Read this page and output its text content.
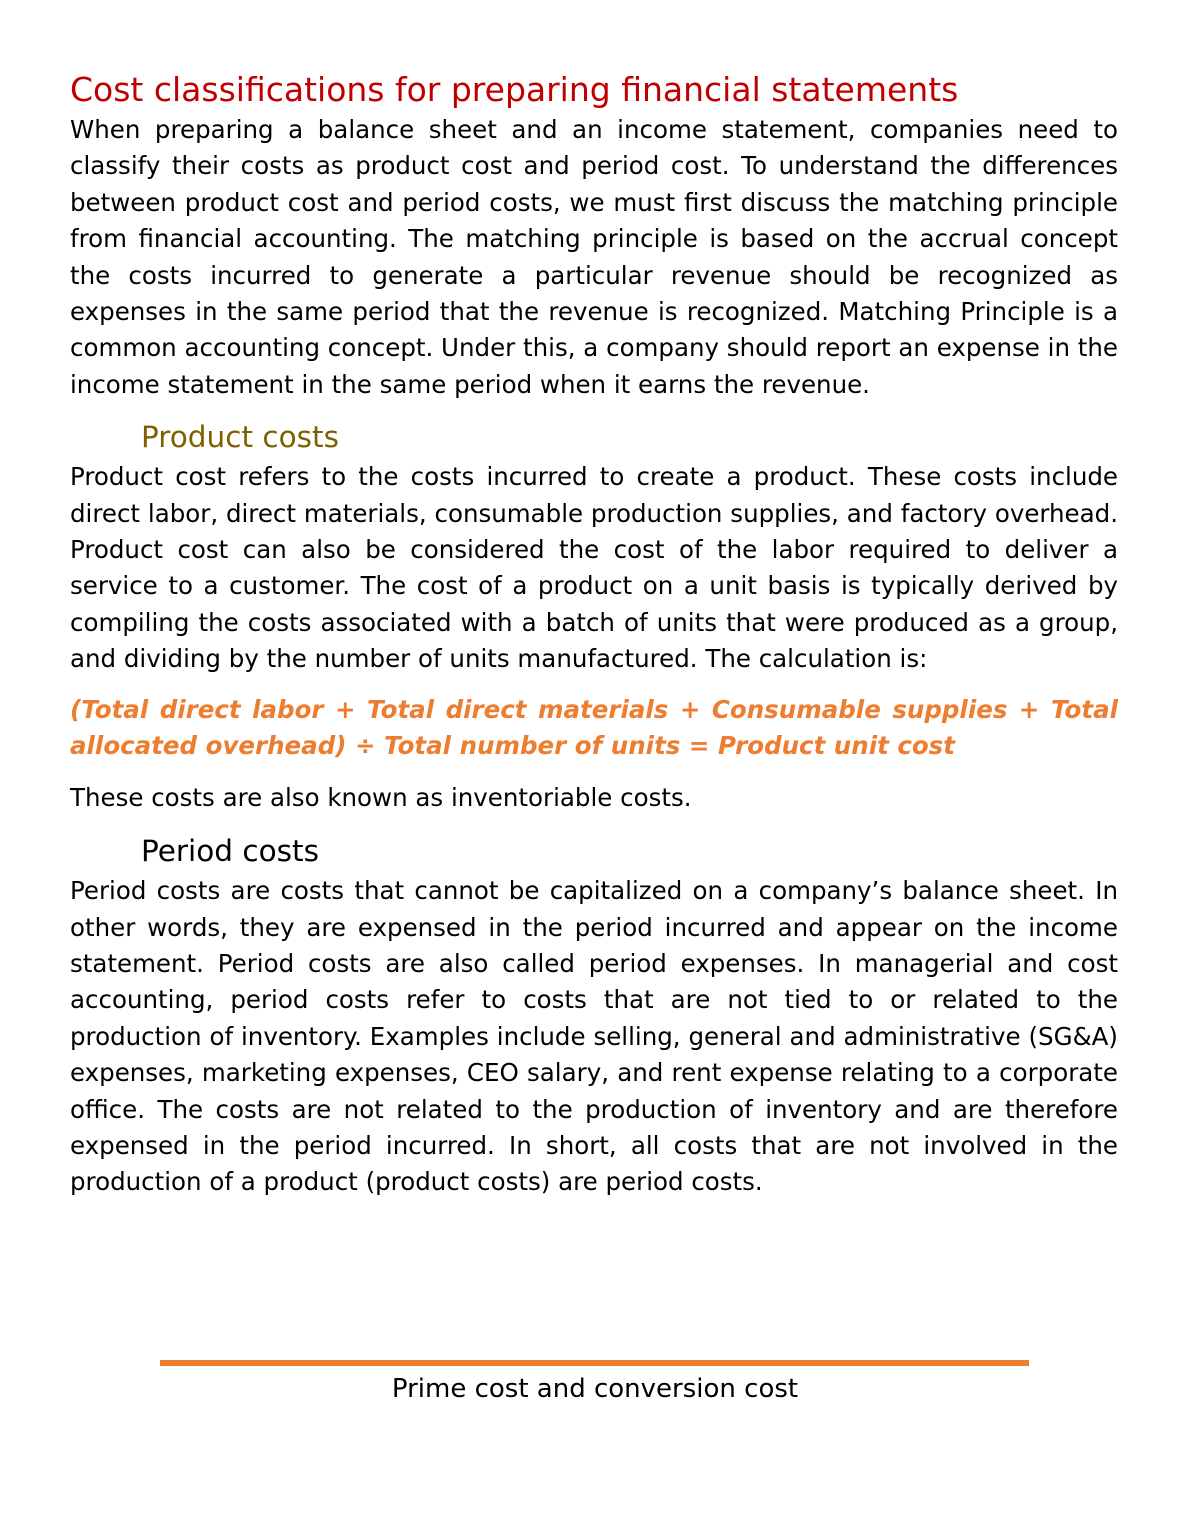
Cost classifications for preparing financial statements

When preparing a balance sheet and an income statement, companies need to classify their costs as product cost and period cost. To understand the differences between product cost and period costs, we must first discuss the matching principle from financial accounting. The matching principle is based on the accrual concept the costs incurred to generate a particular revenue should be recognized as expenses in the same period that the revenue is recognized. Matching Principle is a common accounting concept. Under this, a company should report an expense in the income statement in the same period when it earns the revenue.

Product costs

Product cost refers to the costs incurred to create a product. These costs include direct labor, direct materials, consumable production supplies, and factory overhead. Product cost can also be considered the cost of the labor required to deliver a service to a customer. The cost of a product on a unit basis is typically derived by compiling the costs associated with a batch of units that were produced as a group, and dividing by the number of units manufactured. The calculation is:

(Total direct labor + Total direct materials + Consumable supplies + Total allocated overhead) ÷ Total number of units = Product unit cost

These costs are also known as inventoriable costs.

Period costs

Period costs are costs that cannot be capitalized on a company’s balance sheet. In other words, they are expensed in the period incurred and appear on the income statement. Period costs are also called period expenses. In managerial and cost accounting, period costs refer to costs that are not tied to or related to the production of inventory. Examples include selling, general and administrative (SG&A) expenses, marketing expenses, CEO salary, and rent expense relating to a corporate office. The costs are not related to the production of inventory and are therefore expensed in the period incurred. In short, all costs that are not involved in the production of a product (product costs) are period costs.

Prime cost and conversion cost
